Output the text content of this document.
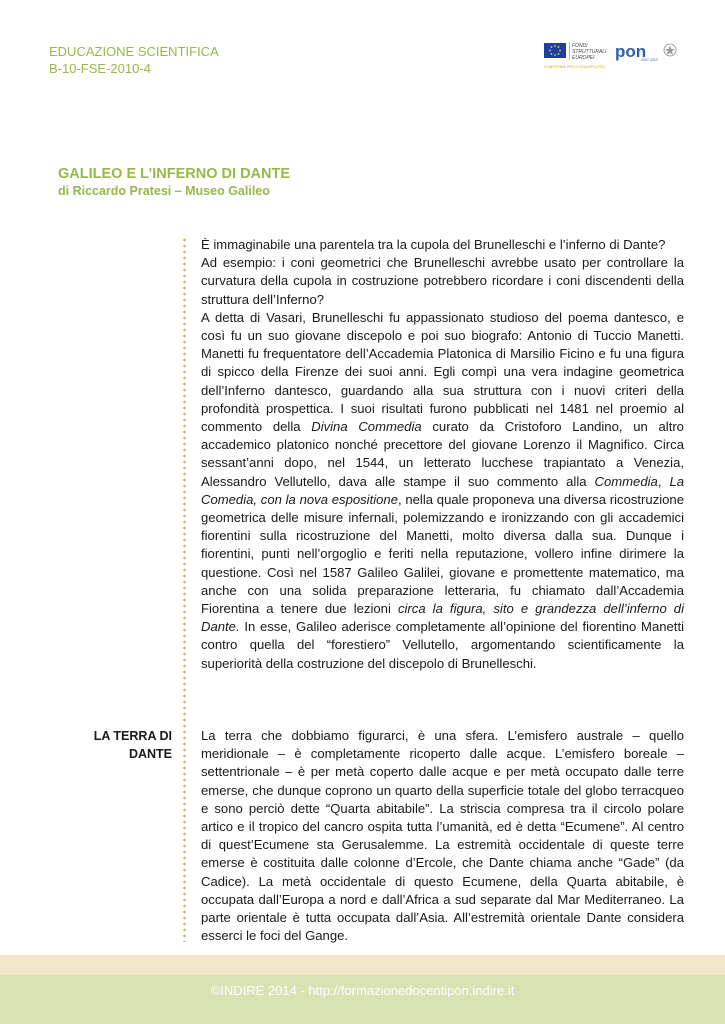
EDUCAZIONE SCIENTIFICA
B-10-FSE-2010-4
FONDI
STRUTTURALI
EUROPEI pon
2007-2013
COMPETENZE PER LO SVILUPPO (FSE)
GALILEO E L’INFERNO DI DANTE

di Riccardo Pratesi – Museo Galileo

È immaginabile una parentela tra la cupola del Brunelleschi e l’inferno di Dante?

Ad esempio: i coni geometrici che Brunelleschi avrebbe usato per controllare la curvatura della cupola in costruzione potrebbero ricordare i coni discendenti della struttura dell’Inferno?

A detta di Vasari, Brunelleschi fu appassionato studioso del poema dantesco, e così fu un suo giovane discepolo e poi suo biografo: Antonio di Tuccio Manetti. Manetti fu frequentatore dell’Accademia Platonica di Marsilio Ficino e fu una figura di spicco della Firenze dei suoi anni. Egli compì una vera indagine geometrica dell’Inferno dantesco, guardando alla sua struttura con i nuovi criteri della profondità prospettica. I suoi risultati furono pubblicati nel 1481 nel proemio al commento della Divina Commedia curato da Cristoforo Landino, un altro accademico platonico nonché precettore del giovane Lorenzo il Magnifico. Circa sessant’anni dopo, nel 1544, un letterato lucchese trapiantato a Venezia, Alessandro Vellutello, dava alle stampe il suo commento alla Commedia, La Comedia, con la nova espositione, nella quale proponeva una diversa ricostruzione geometrica delle misure infernali, polemizzando e ironizzando con gli accademici fiorentini sulla ricostruzione del Manetti, molto diversa dalla sua. Dunque i fiorentini, punti nell’orgoglio e feriti nella reputazione, vollero infine dirimere la questione. Così nel 1587 Galileo Galilei, giovane e promettente matematico, ma anche con una solida preparazione letteraria, fu chiamato dall’Accademia Fiorentina a tenere due lezioni circa la figura, sito e grandezza dell’inferno di Dante. In esse, Galileo aderisce completamente all’opinione del fiorentino Manetti contro quella del “forestiero” Vellutello, argomentando scientificamente la superiorità della costruzione del discepolo di Brunelleschi.

LA TERRA DI
DANTE

La terra che dobbiamo figurarci, è una sfera. L’emisfero australe – quello meridionale – è completamente ricoperto dalle acque. L’emisfero boreale – settentrionale – è per metà coperto dalle acque e per metà occupato dalle terre emerse, che dunque coprono un quarto della superficie totale del globo terracqueo e sono perciò dette “Quarta abitabile”. La striscia compresa tra il circolo polare artico e il tropico del cancro ospita tutta l’umanità, ed è detta “Ecumene”. Al centro di quest’Ecumene sta Gerusalemme. La estremità occidentale di queste terre emerse è costituita dalle colonne d’Ercole, che Dante chiama anche “Gade” (da Cadice). La metà occidentale di questo Ecumene, della Quarta abitabile, è occupata dall’Europa a nord e dall’Africa a sud separate dal Mar Mediterraneo. La parte orientale è tutta occupata dall’Asia. All’estremità orientale Dante considera esserci le foci del Gange.

©INDIRE 2014 - http://formazionedocentipon.indire.it
